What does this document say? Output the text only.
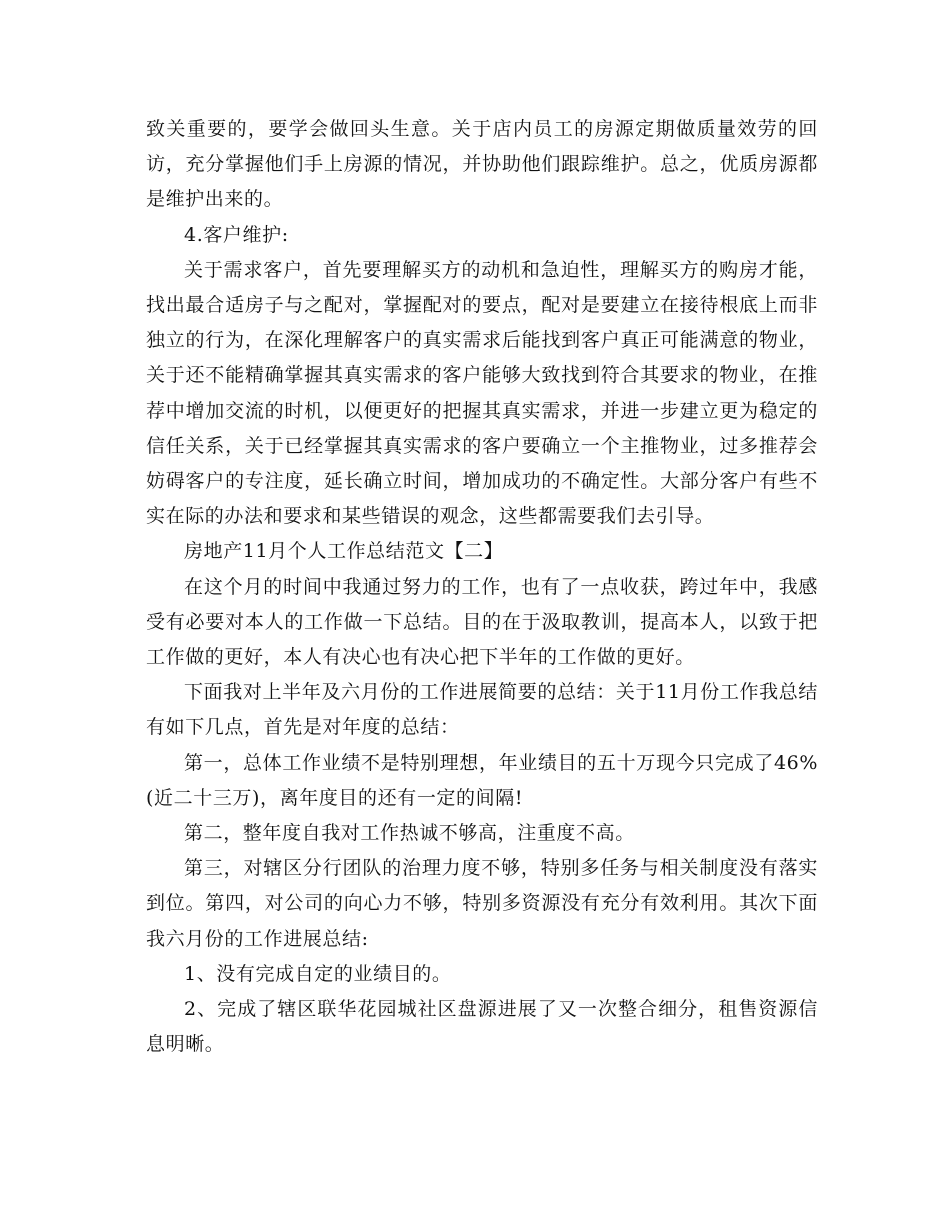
致关重要的，要学会做回头生意。关于店内员工的房源定期做质量效劳的回访，充分掌握他们手上房源的情况，并协助他们跟踪维护。总之，优质房源都是维护出来的。

4.客户维护:

关于需求客户，首先要理解买方的动机和急迫性，理解买方的购房才能，找出最合适房子与之配对，掌握配对的要点，配对是要建立在接待根底上而非独立的行为，在深化理解客户的真实需求后能找到客户真正可能满意的物业，关于还不能精确掌握其真实需求的客户能够大致找到符合其要求的物业，在推荐中增加交流的时机，以便更好的把握其真实需求，并进一步建立更为稳定的信任关系，关于已经掌握其真实需求的客户要确立一个主推物业，过多推荐会妨碍客户的专注度，延长确立时间，增加成功的不确定性。大部分客户有些不实在际的办法和要求和某些错误的观念，这些都需要我们去引导。

房地产11月个人工作总结范文【二】

在这个月的时间中我通过努力的工作，也有了一点收获，跨过年中，我感受有必要对本人的工作做一下总结。目的在于汲取教训，提高本人，以致于把工作做的更好，本人有决心也有决心把下半年的工作做的更好。

下面我对上半年及六月份的工作进展简要的总结：关于11月份工作我总结有如下几点，首先是对年度的总结：

第一，总体工作业绩不是特别理想，年业绩目的五十万现今只完成了46%(近二十三万)，离年度目的还有一定的间隔!

第二，整年度自我对工作热诚不够高，注重度不高。

第三，对辖区分行团队的治理力度不够，特别多任务与相关制度没有落实到位。第四，对公司的向心力不够，特别多资源没有充分有效利用。其次下面我六月份的工作进展总结:

1、没有完成自定的业绩目的。

2、完成了辖区联华花园城社区盘源进展了又一次整合细分，租售资源信息明晰。
